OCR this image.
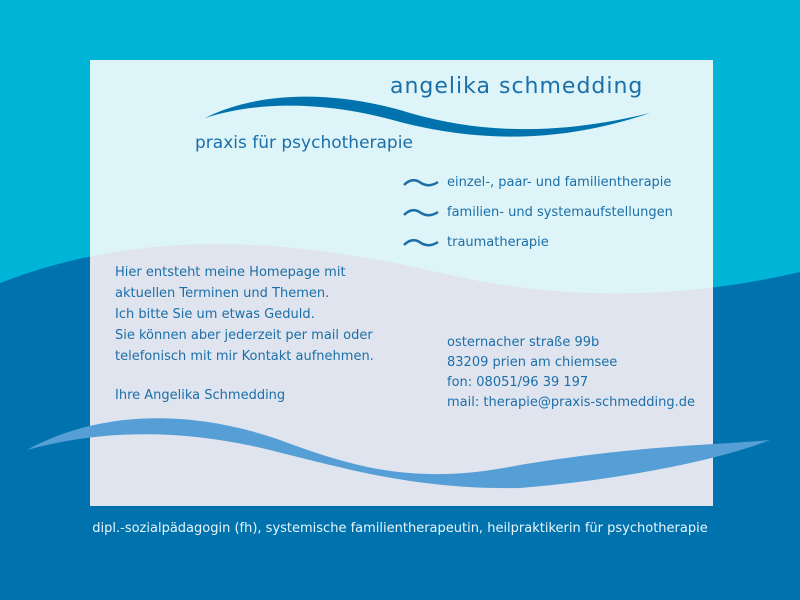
angelika schmedding
praxis für psychotherapie
einzel-, paar- und familientherapie
familien- und systemaufstellungen
traumatherapie
Hier entsteht meine Homepage mit
aktuellen Terminen und Themen.
Ich bitte Sie um etwas Geduld.
Sie können aber jederzeit per mail oder
telefonisch mit mir Kontakt aufnehmen.
Ihre Angelika Schmedding
osternacher straße 99b
83209 prien am chiemsee
fon: 08051/96 39 197
mail: therapie@praxis-schmedding.de
dipl.-sozialpädagogin (fh), systemische familientherapeutin, heilpraktikerin für psychotherapie
